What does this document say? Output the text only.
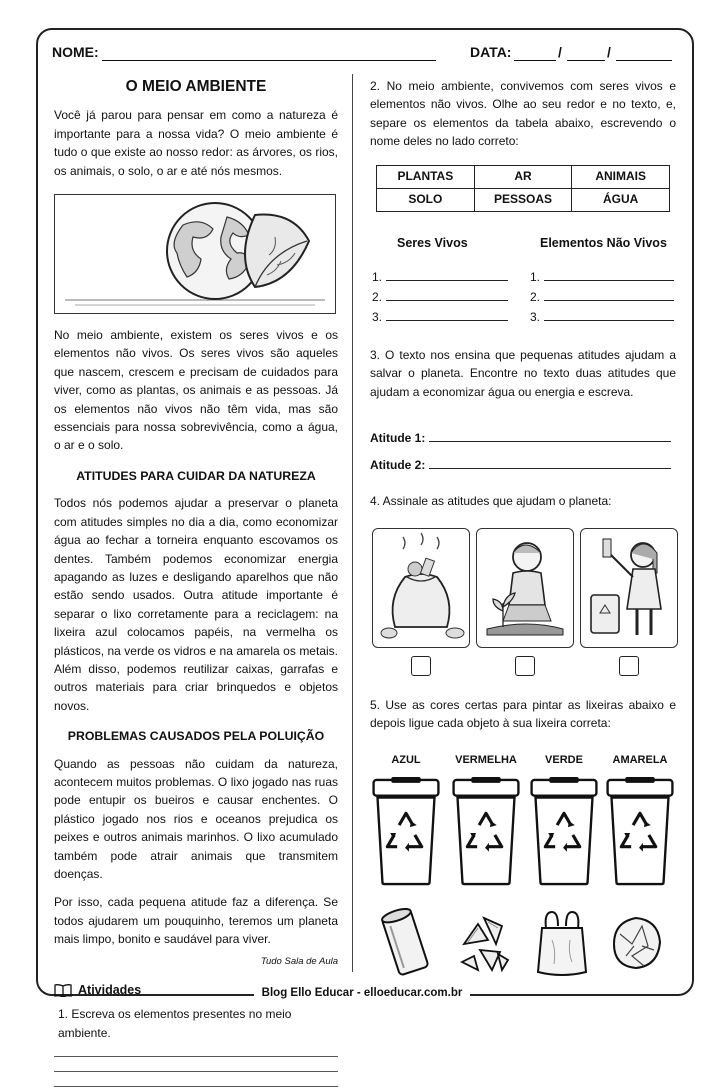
NOME:	DATA:	/	/
O MEIO AMBIENTE

Você já parou para pensar em como a natureza é importante para a nossa vida? O meio ambiente é tudo o que existe ao nosso redor: as árvores, os rios, os animais, o solo, o ar e até nós mesmos.

No meio ambiente, existem os seres vivos e os elementos não vivos. Os seres vivos são aqueles que nascem, crescem e precisam de cuidados para viver, como as plantas, os animais e as pessoas. Já os elementos não vivos não têm vida, mas são essenciais para nossa sobrevivência, como a água, o ar e o solo.

ATITUDES PARA CUIDAR DA NATUREZA

Todos nós podemos ajudar a preservar o planeta com atitudes simples no dia a dia, como economizar água ao fechar a torneira enquanto escovamos os dentes. Também podemos economizar energia apagando as luzes e desligando aparelhos que não estão sendo usados. Outra atitude importante é separar o lixo corretamente para a reciclagem: na lixeira azul colocamos papéis, na vermelha os plásticos, na verde os vidros e na amarela os metais. Além disso, podemos reutilizar caixas, garrafas e outros materiais para criar brinquedos e objetos novos.

PROBLEMAS CAUSADOS PELA POLUIÇÃO

Quando as pessoas não cuidam da natureza, acontecem muitos problemas. O lixo jogado nas ruas pode entupir os bueiros e causar enchentes. O plástico jogado nos rios e oceanos prejudica os peixes e outros animais marinhos. O lixo acumulado também pode atrair animais que transmitem doenças.

Por isso, cada pequena atitude faz a diferença. Se todos ajudarem um pouquinho, teremos um planeta mais limpo, bonito e saudável para viver.

Tudo Sala de Aula

Atividades
1. Escreva os elementos presentes no meio ambiente.

2. No meio ambiente, convivemos com seres vivos e elementos não vivos. Olhe ao seu redor e no texto, e, separe os elementos da tabela abaixo, escrevendo o nome deles no lado correto:

PLANTAS	AR	ANIMAIS
SOLO	PESSOAS	ÁGUA
Seres Vivos	Elementos Não Vivos
1.
2.
3.
1.
2.
3.

3. O texto nos ensina que pequenas atitudes ajudam a salvar o planeta. Encontre no texto duas atitudes que ajudam a economizar água ou energia e escreva.

Atitude 1:
Atitude 2:
4. Assinale as atitudes que ajudam o planeta:

5. Use as cores certas para pintar as lixeiras abaixo e depois ligue cada objeto à sua lixeira correta:

AZUL	VERMELHA	VERDE	AMARELA
Blog Ello Educar - elloeducar.com.br
